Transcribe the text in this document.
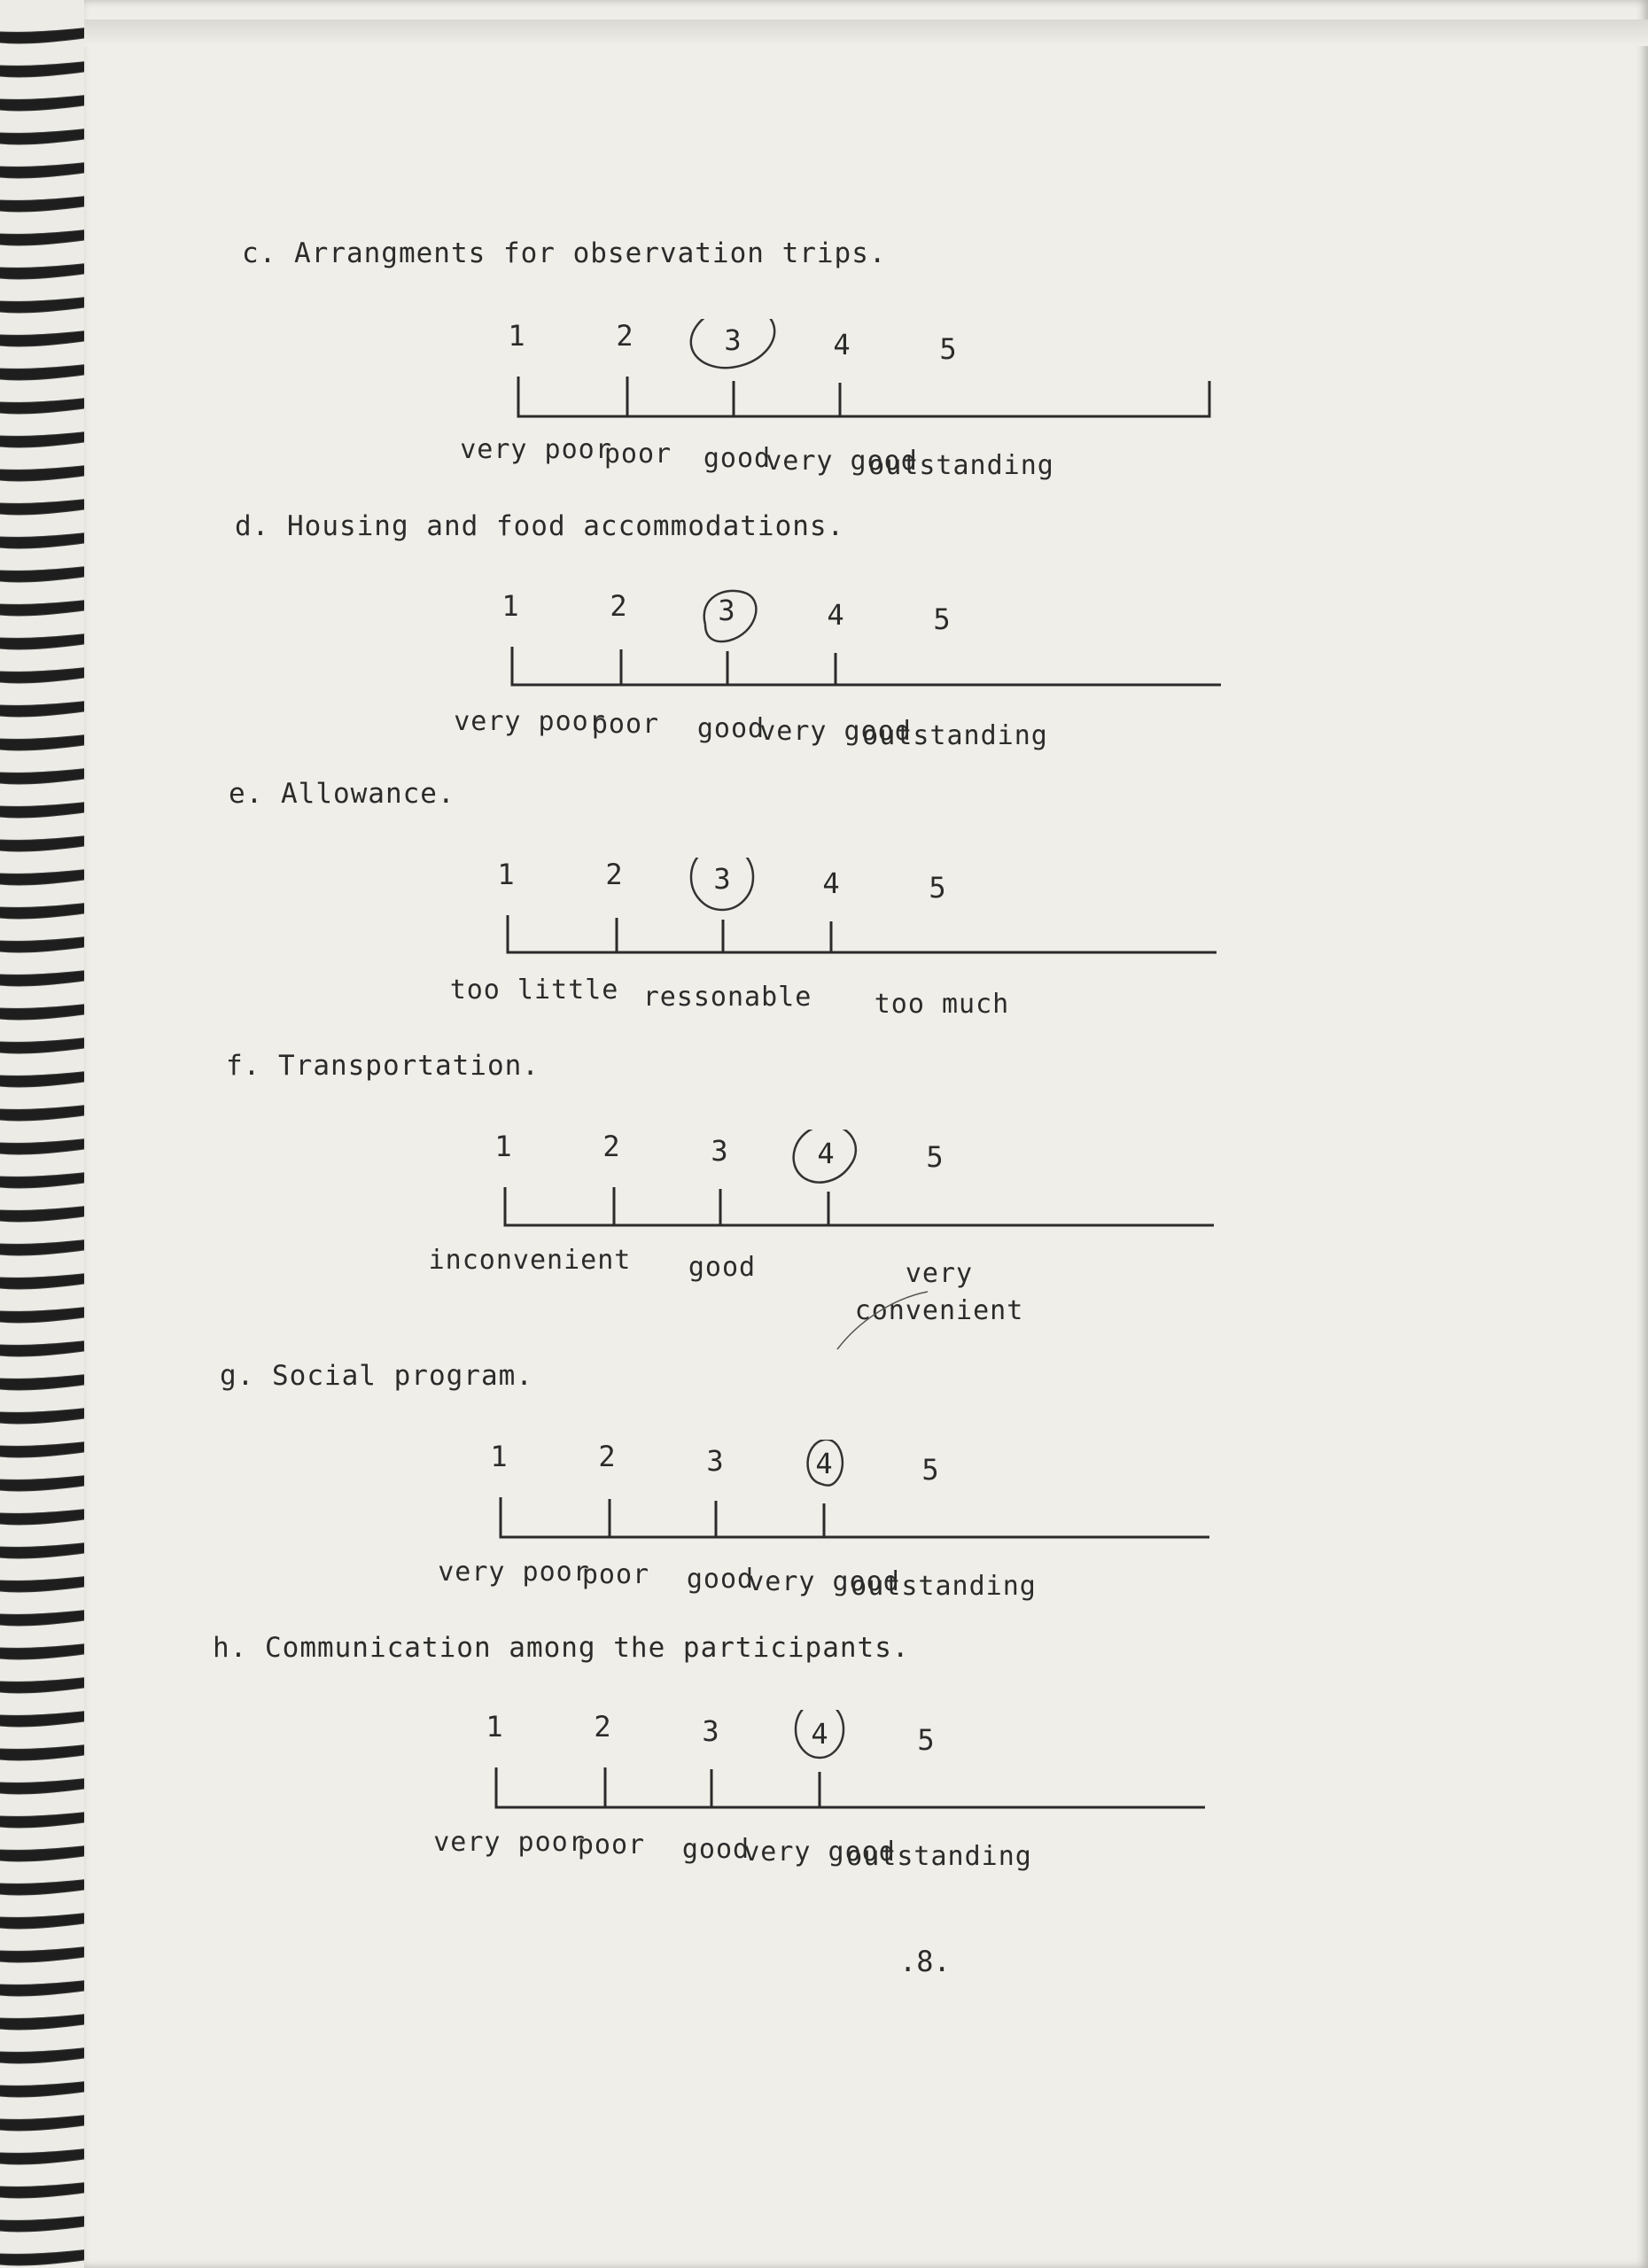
c. Arrangments for observation trips.
1	2	3	4	5
very poor
poor good
very good
outstanding
d. Housing and food accommodations.
1	2	3	4	5
very poor
poor good
very good
outstanding
e. Allowance.
1	2	3	4	5
too little ressonable too much
f. Transportation.
1	2	3	4	5
inconvenient good	very
convenient
g. Social program.
1	2	3	4	5
very poor
poor good
very good
outstanding
h. Communication among the participants.
1	2	3	4	5
very poor
poor good
very good
outstanding
.8.
